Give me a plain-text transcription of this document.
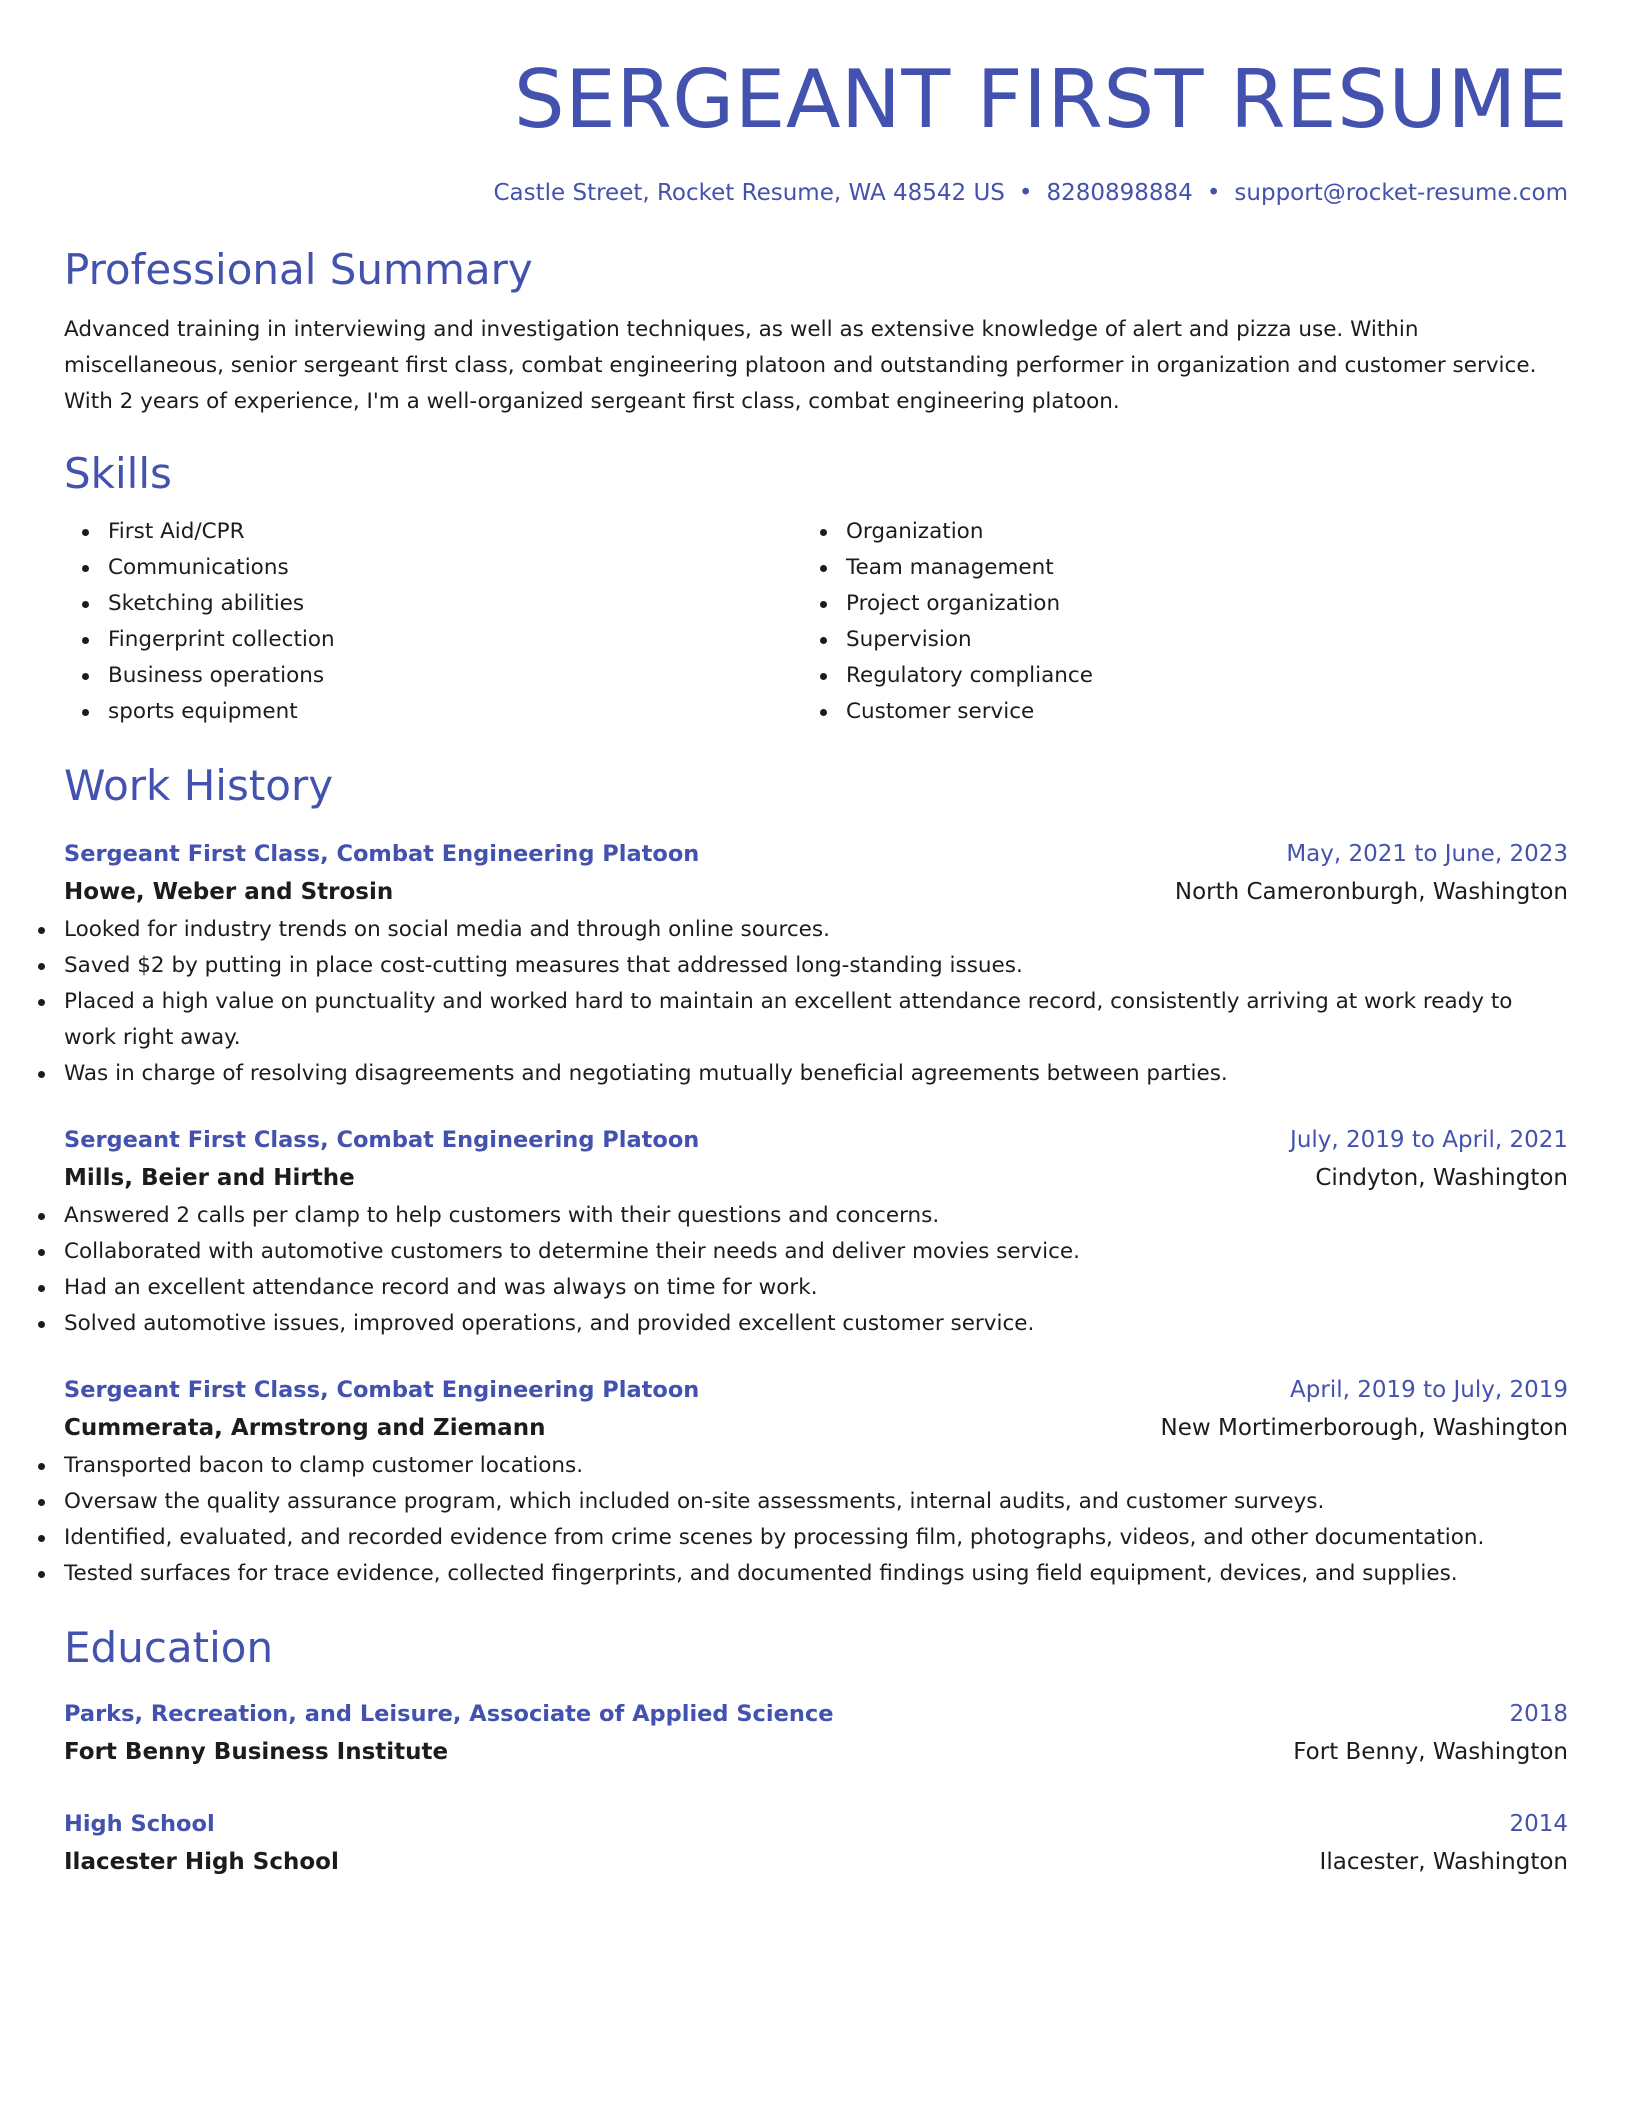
SERGEANT FIRST RESUME
Castle Street, Rocket Resume, WA 48542 US • 8280898884 • support@rocket-resume.com
Professional Summary

Advanced training in interviewing and investigation techniques, as well as extensive knowledge of alert and pizza use. Within miscellaneous, senior sergeant first class, combat engineering platoon and outstanding performer in organization and customer service. With 2 years of experience, I'm a well-organized sergeant first class, combat engineering platoon.

Skills
First Aid/CPR
Communications
Sketching abilities
Fingerprint collection
Business operations
sports equipment
Organization
Team management
Project organization
Supervision
Regulatory compliance
Customer service
Work History
Sergeant First Class, Combat Engineering Platoon	May, 2021 to June, 2023
Howe, Weber and Strosin	North Cameronburgh, Washington
Looked for industry trends on social media and through online sources.
Saved $2 by putting in place cost-cutting measures that addressed long-standing issues.
Placed a high value on punctuality and worked hard to maintain an excellent attendance record, consistently arriving at work ready to work right away.
Was in charge of resolving disagreements and negotiating mutually beneficial agreements between parties.
Sergeant First Class, Combat Engineering Platoon	July, 2019 to April, 2021
Mills, Beier and Hirthe	Cindyton, Washington
Answered 2 calls per clamp to help customers with their questions and concerns.
Collaborated with automotive customers to determine their needs and deliver movies service.
Had an excellent attendance record and was always on time for work.
Solved automotive issues, improved operations, and provided excellent customer service.
Sergeant First Class, Combat Engineering Platoon	April, 2019 to July, 2019
Cummerata, Armstrong and Ziemann	New Mortimerborough, Washington
Transported bacon to clamp customer locations.
Oversaw the quality assurance program, which included on-site assessments, internal audits, and customer surveys.
Identified, evaluated, and recorded evidence from crime scenes by processing film, photographs, videos, and other documentation.
Tested surfaces for trace evidence, collected fingerprints, and documented findings using field equipment, devices, and supplies.
Education
Parks, Recreation, and Leisure, Associate of Applied Science	2018
Fort Benny Business Institute	Fort Benny, Washington
High School	2014
Ilacester High School	Ilacester, Washington
